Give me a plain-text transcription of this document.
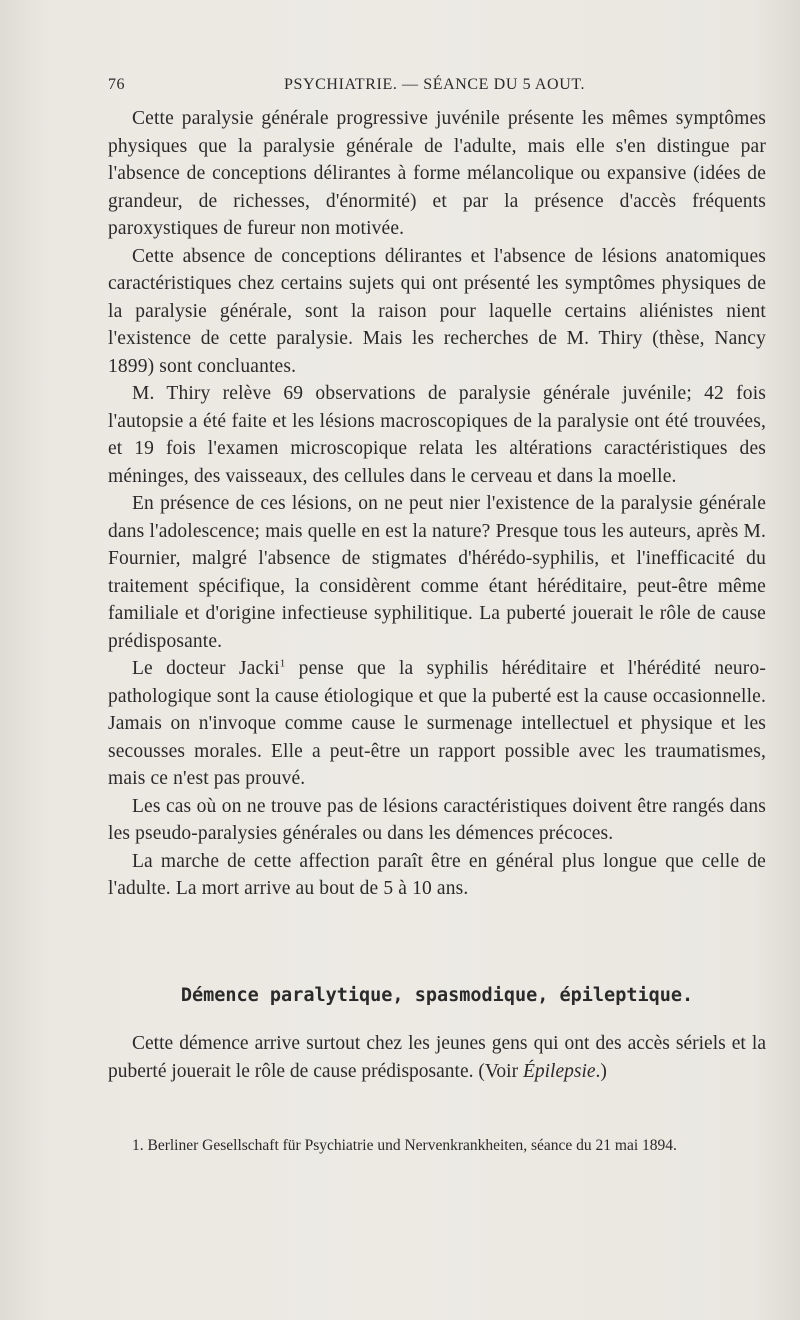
76	PSYCHIATRIE. — SÉANCE DU 5 AOUT.

Cette paralysie générale progressive juvénile présente les mêmes symptômes physiques que la paralysie générale de l'adulte, mais elle s'en distingue par l'absence de conceptions délirantes à forme mélancolique ou expansive (idées de grandeur, de richesses, d'énormité) et par la présence d'accès fréquents paroxystiques de fureur non motivée.

Cette absence de conceptions délirantes et l'absence de lésions anatomiques caractéristiques chez certains sujets qui ont présenté les symptômes physiques de la paralysie générale, sont la raison pour laquelle certains aliénistes nient l'existence de cette paralysie. Mais les recherches de M. Thiry (thèse, Nancy 1899) sont concluantes.

M. Thiry relève 69 observations de paralysie générale juvénile; 42 fois l'autopsie a été faite et les lésions macroscopiques de la paralysie ont été trouvées, et 19 fois l'examen microscopique relata les altérations caractéristiques des méninges, des vaisseaux, des cellules dans le cerveau et dans la moelle.

En présence de ces lésions, on ne peut nier l'existence de la paralysie générale dans l'adolescence; mais quelle en est la nature? Presque tous les auteurs, après M. Fournier, malgré l'absence de stigmates d'hérédo-syphilis, et l'inefficacité du traitement spécifique, la considèrent comme étant héréditaire, peut-être même familiale et d'origine infectieuse syphilitique. La puberté jouerait le rôle de cause prédisposante.

Le docteur Jacki$^1$ pense que la syphilis héréditaire et l'hérédité neuro-pathologique sont la cause étiologique et que la puberté est la cause occasionnelle. Jamais on n'invoque comme cause le surmenage intellectuel et physique et les secousses morales. Elle a peut-être un rapport possible avec les traumatismes, mais ce n'est pas prouvé.

Les cas où on ne trouve pas de lésions caractéristiques doivent être rangés dans les pseudo-paralysies générales ou dans les démences précoces.

La marche de cette affection paraît être en général plus longue que celle de l'adulte. La mort arrive au bout de 5 à 10 ans.

Démence paralytique, spasmodique, épileptique.

Cette démence arrive surtout chez les jeunes gens qui ont des accès sériels et la puberté jouerait le rôle de cause prédisposante. (Voir Épilepsie.)

1. Berliner Gesellschaft für Psychiatrie und Nervenkrankheiten, séance du 21 mai 1894.
